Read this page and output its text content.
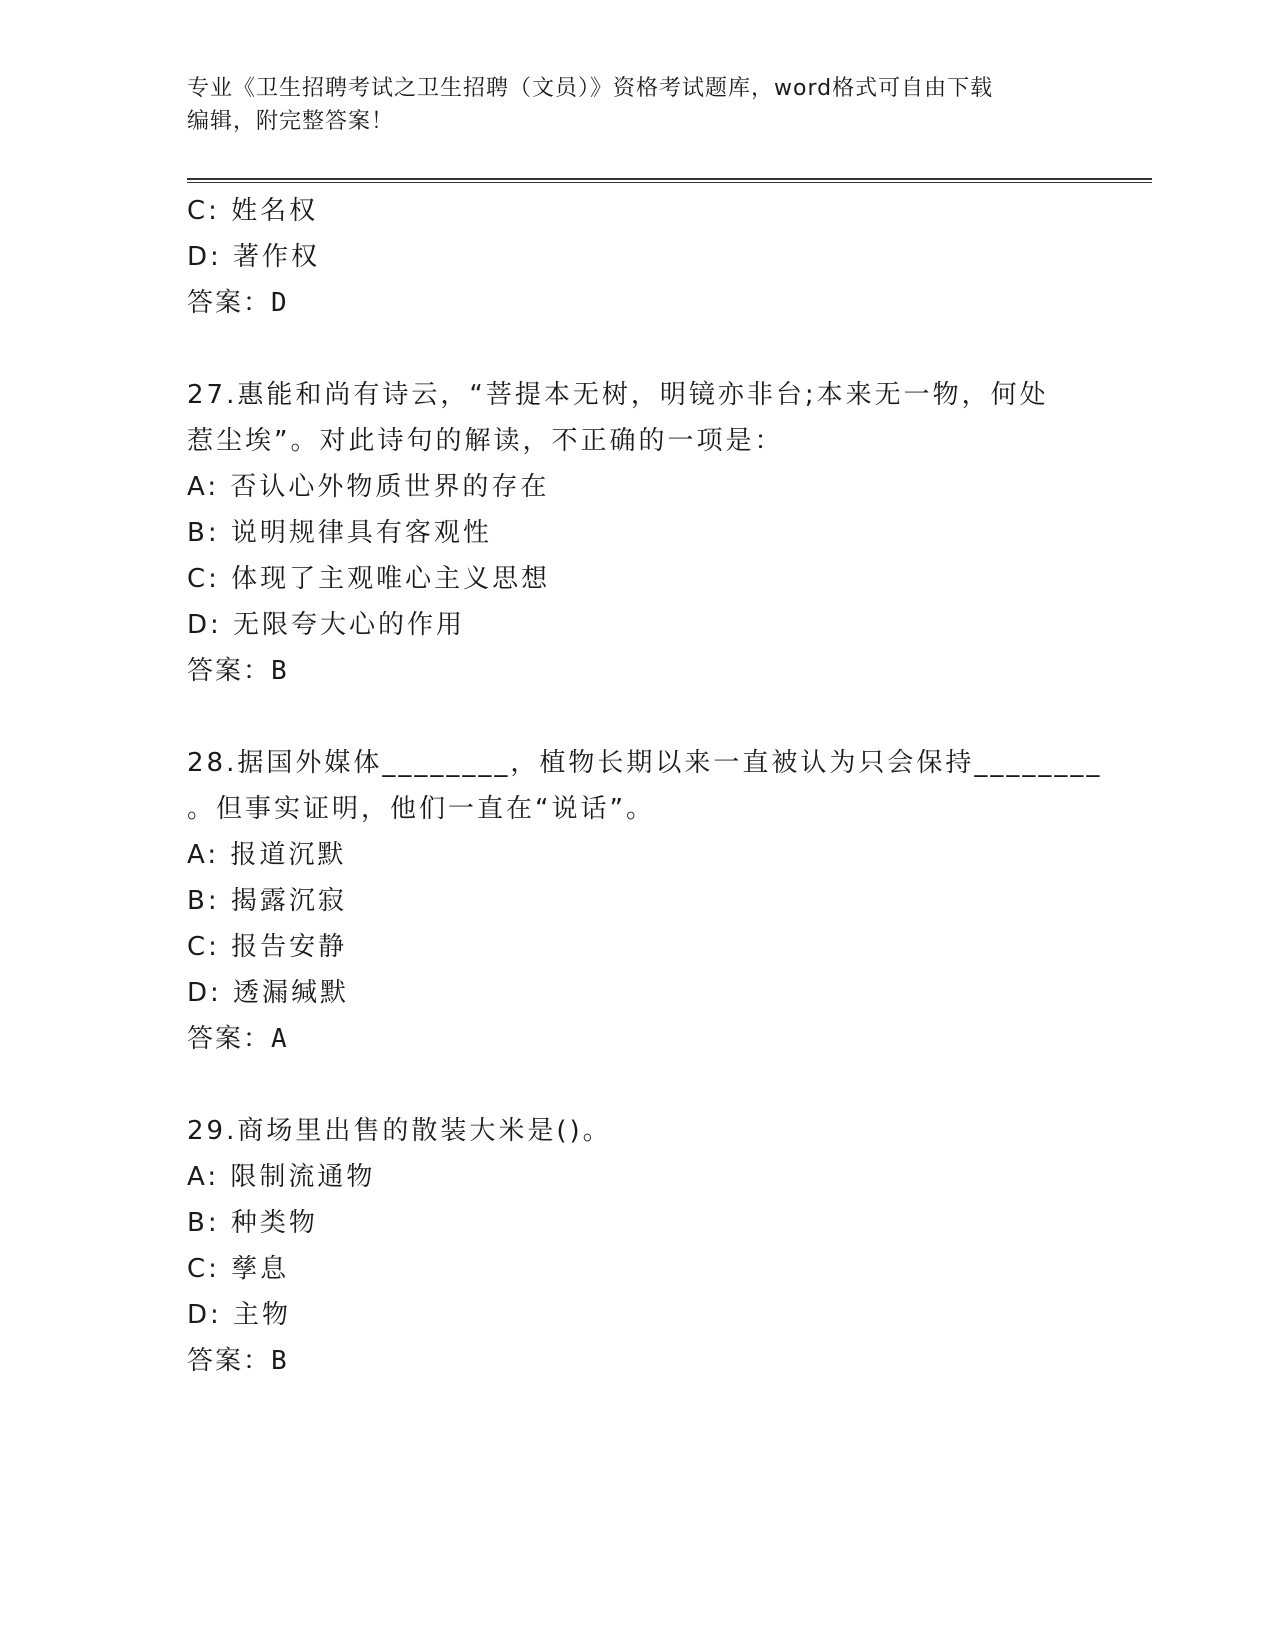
专业《卫生招聘考试之卫生招聘（文员）》资格考试题库，word格式可自由下载
编辑，附完整答案！
C: 姓名权
D: 著作权
答案：D
27.惠能和尚有诗云，“菩提本无树，明镜亦非台;本来无一物，何处
惹尘埃”。对此诗句的解读，不正确的一项是：
A: 否认心外物质世界的存在
B: 说明规律具有客观性
C: 体现了主观唯心主义思想
D: 无限夸大心的作用
答案：B
28.据国外媒体________，植物长期以来一直被认为只会保持________
。但事实证明，他们一直在“说话”。
A: 报道沉默
B: 揭露沉寂
C: 报告安静
D: 透漏缄默
答案：A
29.商场里出售的散装大米是()。
A: 限制流通物
B: 种类物
C: 孳息
D: 主物
答案：B
